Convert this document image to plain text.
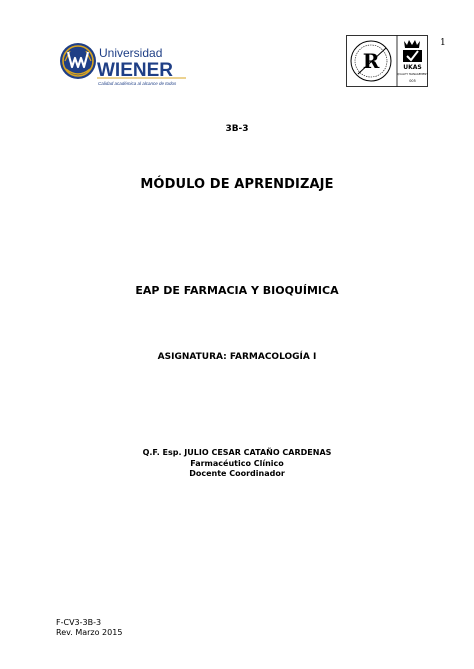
1
Universidad
WIENER
Calidad académica al alcance de todos
R	UKAS
QUALITY MANAGEMENT
005
3B-3
MÓDULO DE APRENDIZAJE
EAP DE FARMACIA Y BIOQUÍMICA
ASIGNATURA: FARMACOLOGÍA I
Q.F. Esp. JULIO CESAR CATAÑO CARDENAS
Farmacéutico Clínico
Docente Coordinador
F-CV3-3B-3
Rev. Marzo 2015
